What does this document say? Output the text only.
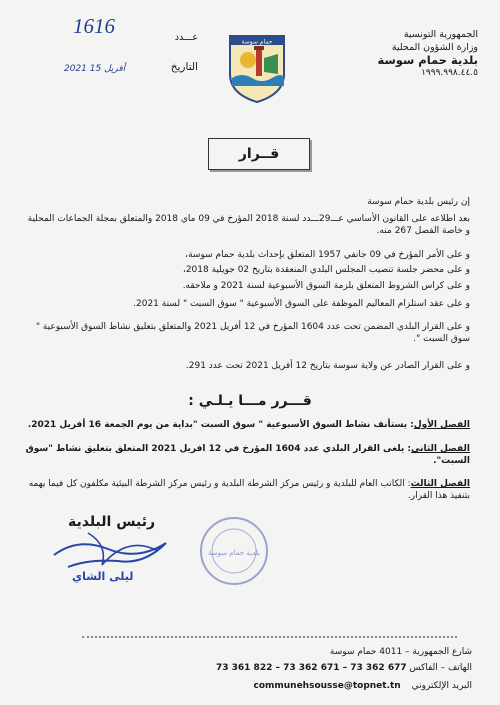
الجمهورية التونسية
وزارة الشؤون المحلية
بلدية حمام سوسة
١٩٩٩.٩٩٨.٤٤.٥
1616	عـــدد
2021 أفريل 15	التاريخ
حمام سوسة
قــرار
إن رئيس بلدية حمام سوسة
بعد اطلاعه على القانون الأساسي عـــ29ـــدد لسنة 2018 المؤرخ في 09 ماي 2018 والمتعلق بمجلة الجماعات المحلية و خاصة الفصل 267 منه.
و على الأمر المؤرخ في 09 جانفي 1957 المتعلق بإحداث بلدية حمام سوسة،
و على محضر جلسة تنصيب المجلس البلدي المنعقدة بتاريخ 02 جويلية 2018،
و على كراس الشروط المتعلق بلزمة السوق الأسبوعية لسنة 2021 و ملاحقه.
و على عقد استلزام المعاليم الموظفة على السوق الأسبوعية " سوق السبت " لسنة 2021.
و على القرار البلدي المضمن تحت عدد 1604 المؤرخ في 12 أفريل 2021 والمتعلق بتعليق نشاط السوق الأسبوعية " سوق السبت ".
و على القرار الصادر عن ولاية سوسة بتاريخ 12 أفريل 2021 تحت عدد 291.
قـــرر مـــا يـلـي :
الفصل الأول: يستأنف نشاط السوق الأسبوعية " سوق السبت "بداية من يوم الجمعة 16 أفريل 2021.
الفصل الثاني: يلغى القرار البلدي عدد 1604 المؤرخ في 12 افريل 2021 المتعلق بتعليق نشاط "سوق السبت".
الفصل الثالث: الكاتب العام للبلدية و رئيس مركز الشرطة البلدية و رئيس مركز الشرطة البيئية مكلفون كل فيما يهمه بتنفيذ هذا القرار.
رئيس البلدية
ليلى الشاي
بلدية حمام سوسة
شارع الجمهورية – 4011 حمام سوسة
الهاتف – الفاكس 73 361 822 – 73 362 671 – 73 362 677
البريد الإلكتروني communehsousse@topnet.tn
